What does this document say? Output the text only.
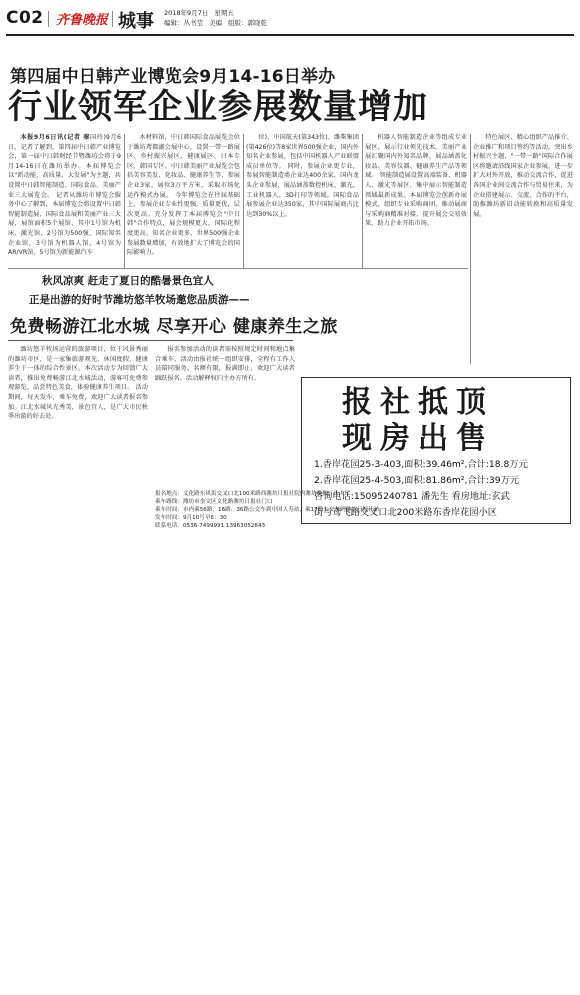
C02 齐鲁晚报 城事 2018年9月7日 星期五
编辑：丛书莹 美编 组版：郭晓乾
第四届中日韩产业博览会9月14-16日举办
行业领军企业参展数量增加

本报9月6日讯(记者 秦国玲)9月6日，记者了解到，第四届中日韩产业博览会，第一届中日韩财经节暨潍坊会将于9月14-16日在潍坊举办。本届博览会以"新动能、高质量、大发展"为主题，共设置中日韩智能制造、国际食品、美丽产业三大展览会。 记者从潍坊市博览会服务中心了解到，本届博览会将设置中日韩智能制造展、国际食品展和美丽产业三大展，展馆面积5个展馆，其中1号馆为机床、激光馆，2号馆为500强、国际知名企业馆，3号馆为机器人馆，4号馆为AR/VR馆，5号馆为新能源汽车

木材料馆，中日韩国际食品展览会位于潍坊鸢都湖会展中心，设置一带一路展区、乡村振兴展区、健康展区、日本专区、韩国专区。中日韩美丽产业展览会包括美容美发、化妆品、健康养生等，参展企业3家，展位3万平方米，采取市场化运作模式办展。 今年博览会在往届基础上，参展企业专业性更强，质量更优，层次更高。充分发挥了本届博览会"中日韩"合作特点，展会规模更大，国际化程度更高，知名企业更多，世界500强企业参展数量增加，有效地扩大了博览会的国际影响力。

位)、中国航天(第343位)、潍柴集团(第426位)等8家世界500强企业，国内外知名企业参展，包括中国机器人产业联盟成员单位等。 同时，参展企业更专业，参展智能制造类企业达400余家，国内龙头企业参展，展品涵盖数控机床、激光、工业机器人、3D打印等领域。国际食品展参展企业达350家，其中国际展商占比达到30%以上。

机器人智能制造企业等组成专业展区，展示行业领先技术。美丽产业展汇聚国内外知名品牌，展品涵盖化妆品、美容仪器、健康养生产品等领域。 智能制造展设置高端装备、机器人、激光等展区，集中展示智能制造领域最新成果。本届博览会创新办展模式，组织专业采购商团，推动展商与采购商精准对接，提升展会交易效果，助力企业开拓市场。

特色展区、精心组织产品推介、企业推广和项目签约等活动，突出乡村振兴主题，"一带一路"国际合作展区将邀请沿线国家企业参展，进一步扩大对外开放，推动交流合作，促进各国企业间交流合作与贸易往来，为企业搭建展示、交流、合作的平台，助推潍坊新旧动能转换和高质量发展。

秋风凉爽 赶走了夏日的酷暑景色宜人
正是出游的好时节潍坊悠羊牧场邀您品质游——
免费畅游江北水城 尽享开心 健康养生之旅

潍坊悠羊牧场运营的旅游项目，位于风景秀丽的潍坊市区，是一家集旅游观光、休闲度假、健康养生于一体的综合性景区。本次活动专为回馈广大读者，推出免费畅游江北水城活动，游客可免费参观游览，品尝特色美食，体验健康养生项目。 活动期间，每天发车，乘车免费，欢迎广大读者报名参加。江北水城风光秀美，景色宜人，是广大市民秋季出游的好去处。

报名参加活动的读者需按照规定时间和地点集合乘车，活动由报社统一组织安排，全程有工作人员陪同服务。名额有限，报满即止，欢迎广大读者踊跃报名。活动解释权归主办方所有。

报名地点：文化路东风街交叉口北100米路西潍坊日报社院内潍坊晚报广告大厅
乘车路线：潍坊市奎文区文化路潍坊日报社门口
乘车时间：市内乘56路、16路、36路公交车到中国人寿站，乘17路公交车到潍坊日报社站
发车时间：9月10号早6：30
联系电话：0536-7499991 13963052843
报社抵顶
现房出售
1.香岸花园25-3-403,面积:39.46m²,合计:18.8万元
2.香岸花园25-4-503,面积:81.86m²,合计:39万元
咨询电话:15095240781 潘先生 看房地址:玄武
街与鸢飞路交叉口北200米路东香岸花园小区
